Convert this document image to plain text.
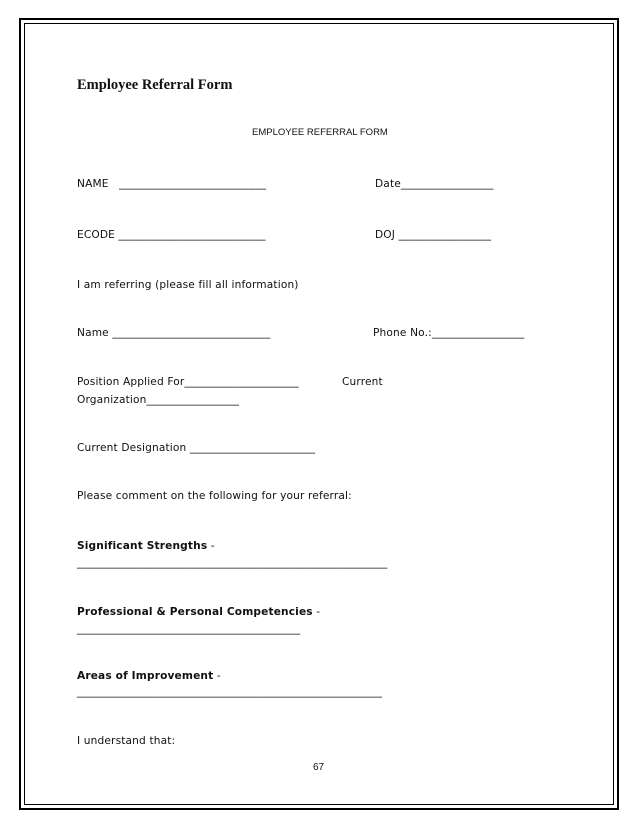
Employee Referral Form
EMPLOYEE REFERRAL FORM
NAME   ___________________________	Date_________________
ECODE ___________________________	DOJ _________________
I am referring (please fill all information)
Name _____________________________	Phone No.:_________________
Position Applied For_____________________	Current
Organization_________________
Current Designation _______________________
Please comment on the following for your referral:
Significant Strengths -
_________________________________________________________
Professional & Personal Competencies -
_________________________________________
Areas of Improvement -
________________________________________________________
I understand that:
67
